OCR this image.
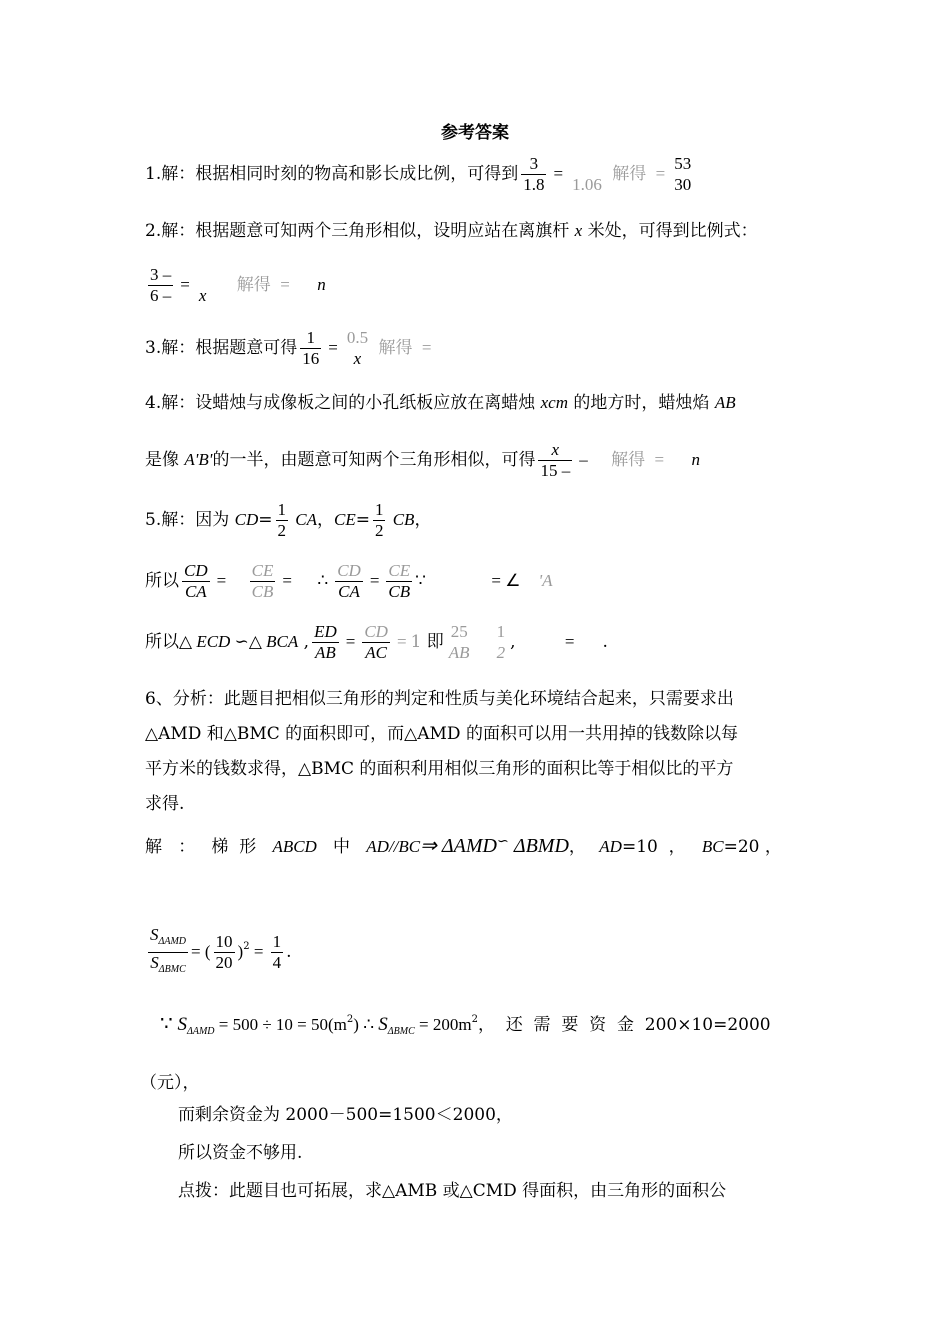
参考答案
1.解：根据相同时刻的物高和影长成比例，可得到 $\frac{3}{1.8}$ =

1.06
解得 =
53
30
2.解：根据题意可知两个三角形相似，设明应站在离旗杆 x 米处，可得到比例式：
$\frac{3 -}{6 -}$ =

x
解得 = n
3.解：根据题意可得 $\frac{1}{16}$ =
0.5
x
解得 =
4.解：设蜡烛与成像板之间的小孔纸板应放在离蜡烛 xcm 的地方时，蜡烛焰 AB
是像 A'B'的一半，由题意可知两个三角形相似，可得 $\frac{x}{15 -}$ – 解得 = n
5.解：因为 $CD= \frac{1}{2}$ CA，$CE= \frac{1}{2}$ CB，
所以 $\frac{CD}{CA} = \frac{CE}{CB}$ = ∴ $\frac{CD}{CA} = \frac{CE}{CB}$ ∵	= ∠ 'A
所以△ ECD ∽△ BCA , $\frac{ED}{AB} = \frac{CD}{AC} =1$ 即
25
AB
1
2
,	= .
6、分析：此题目把相似三角形的判定和性质与美化环境结合起来，只需要求出
△AMD 和△BMC 的面积即可，而△AMD 的面积可以用一共用掉的钱数除以每
平方米的钱数求得，△BMC 的面积利用相似三角形的面积比等于相似比的平方
求得.
解   ：   梯  形   ABCD   中   AD//BC⇒ ΔAMD∽ ΔBMD， AD=10  ，   BC=20 ，
$\frac{S_{\Delta AMD}}{S_{\Delta BMC}}$ = ( $\frac{10}{20} )^2 = \frac{1}{4}$ .
∵ $S_{\Delta AMD} = 500 \div 10 = 50(m^2)$ ∴ $S_{\Delta BMC} = 200m^2$，  还  需  要  资  金  200×10=2000
（元），
而剩余资金为 2000－500=1500＜2000，
所以资金不够用.
点拨：此题目也可拓展，求△AMB 或△CMD 得面积，由三角形的面积公
